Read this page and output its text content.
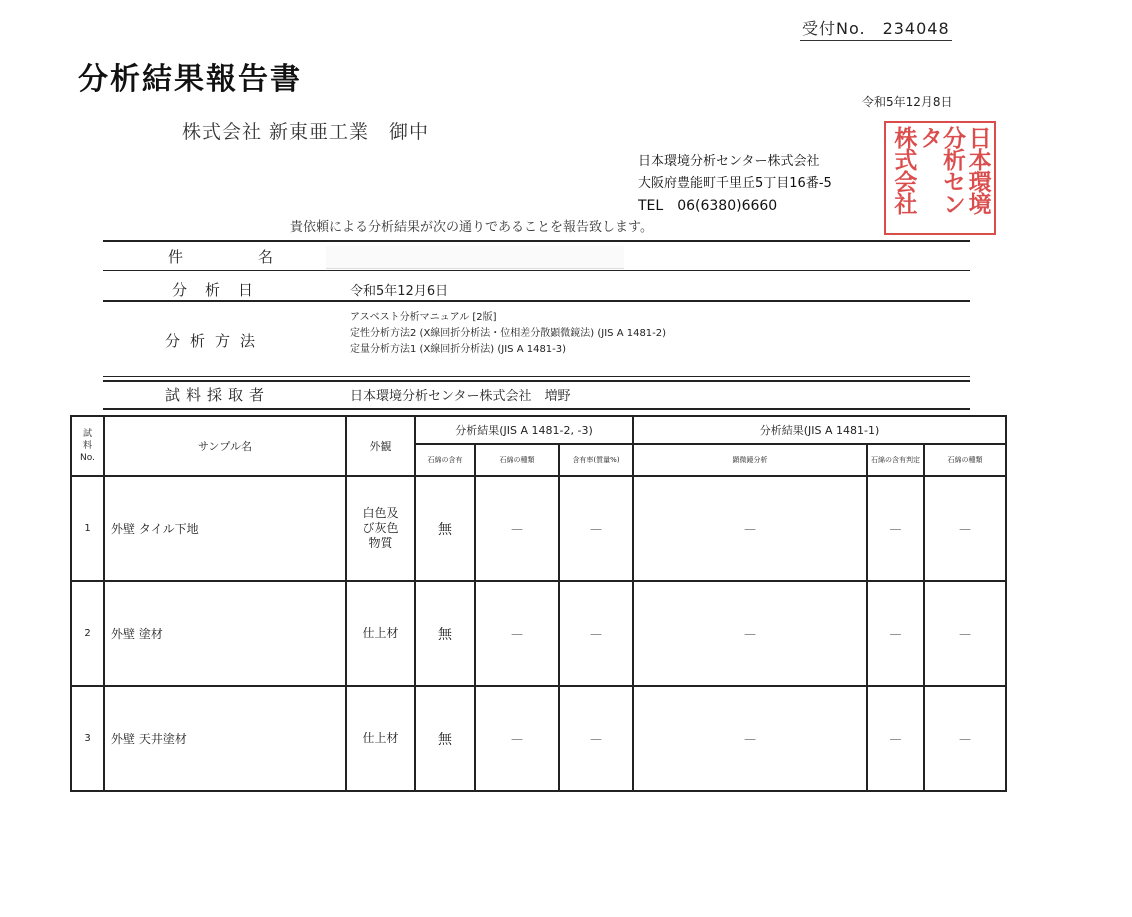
受付No.　234048
分析結果報告書
令和5年12月8日
株式会社 新東亜工業　御中
日本環境分析センター株式会社
大阪府豊能町千里丘5丁目16番-5
TEL　06(6380)6660	日本環境
分析センタ
株式会社
貴依頼による分析結果が次の通りであることを報告致します。
件　名
分析日	令和5年12月6日
分析方法
アスベスト分析マニュアル [2版]
定性分析方法2 (X線回折分析法・位相差分散顕微鏡法) (JIS A 1481-2)
定量分析方法1 (X線回折分析法) (JIS A 1481-3)
試料採取者	日本環境分析センター株式会社　増野
試
料
No.	サンプル名	外観	分析結果(JIS A 1481-2, -3)			分析結果(JIS A 1481-1)		
			石綿の含有	石綿の種類	含有率(質量%)	顕微鏡分析	石綿の含有判定	石綿の種類
1	外壁 タイル下地	白色及
び灰色
物質	無	—	—	—	—	—
2	外壁 塗材	仕上材	無	—	—	—	—	—
3	外壁 天井塗材	仕上材	無	—	—	—	—	—
